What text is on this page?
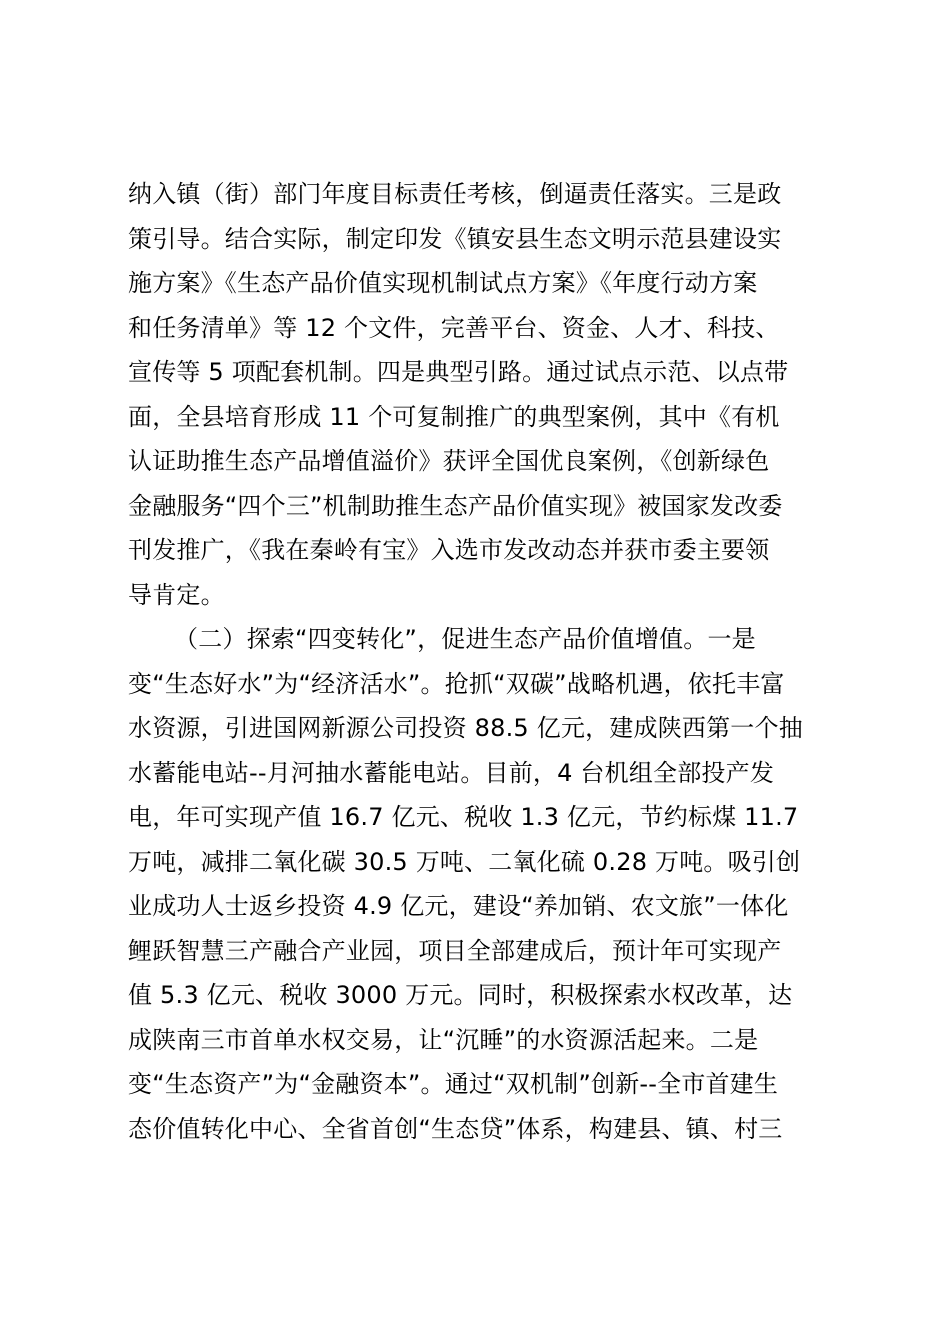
纳入镇（街）部门年度目标责任考核，倒逼责任落实。三是政
策引导。结合实际，制定印发《镇安县生态文明示范县建设实
施方案》《生态产品价值实现机制试点方案》《年度行动方案
和任务清单》等 12 个文件，完善平台、资金、人才、科技、
宣传等 5 项配套机制。四是典型引路。通过试点示范、以点带
面，全县培育形成 11 个可复制推广的典型案例，其中《有机
认证助推生态产品增值溢价》获评全国优良案例，《创新绿色
金融服务“四个三”机制助推生态产品价值实现》被国家发改委
刊发推广，《我在秦岭有宝》入选市发改动态并获市委主要领
导肯定。
（二）探索“四变转化”，促进生态产品价值增值。一是
变“生态好水”为“经济活水”。抢抓“双碳”战略机遇，依托丰富
水资源，引进国网新源公司投资 88.5 亿元，建成陕西第一个抽
水蓄能电站--月河抽水蓄能电站。目前，4 台机组全部投产发
电，年可实现产值 16.7 亿元、税收 1.3 亿元，节约标煤 11.7
万吨，减排二氧化碳 30.5 万吨、二氧化硫 0.28 万吨。吸引创
业成功人士返乡投资 4.9 亿元，建设“养加销、农文旅”一体化
鲤跃智慧三产融合产业园，项目全部建成后，预计年可实现产
值 5.3 亿元、税收 3000 万元。同时，积极探索水权改革，达
成陕南三市首单水权交易，让“沉睡”的水资源活起来。二是
变“生态资产”为“金融资本”。通过“双机制”创新--全市首建生
态价值转化中心、全省首创“生态贷”体系，构建县、镇、村三
